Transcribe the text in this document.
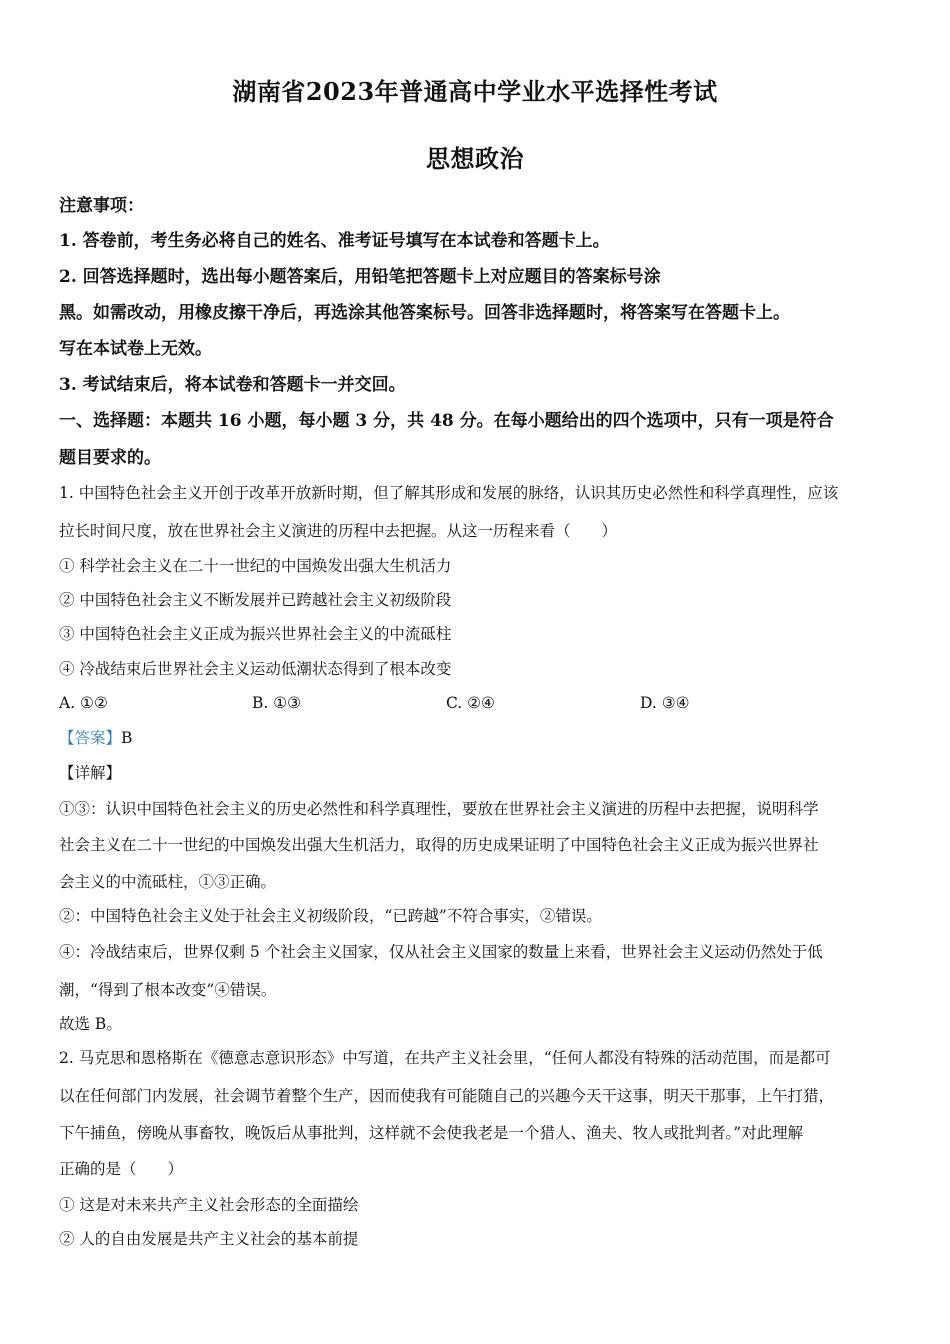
湖南省2023年普通高中学业水平选择性考试
思想政治
注意事项：
1. 答卷前，考生务必将自己的姓名、准考证号填写在本试卷和答题卡上。
2. 回答选择题时，选出每小题答案后，用铅笔把答题卡上对应题目的答案标号涂
黑。如需改动，用橡皮擦干净后，再选涂其他答案标号。回答非选择题时，将答案写在答题卡上。
写在本试卷上无效。
3. 考试结束后，将本试卷和答题卡一并交回。
一、选择题：本题共 16 小题，每小题 3 分，共 48 分。在每小题给出的四个选项中，只有一项是符合
题目要求的。
1. 中国特色社会主义开创于改革开放新时期，但了解其形成和发展的脉络，认识其历史必然性和科学真理性，应该
拉长时间尺度，放在世界社会主义演进的历程中去把握。从这一历程来看（　　）
① 科学社会主义在二十一世纪的中国焕发出强大生机活力
② 中国特色社会主义不断发展并已跨越社会主义初级阶段
③ 中国特色社会主义正成为振兴世界社会主义的中流砥柱
④ 冷战结束后世界社会主义运动低潮状态得到了根本改变
A. ①②	B. ①③	C. ②④	D. ③④
【答案】B
【详解】
①③：认识中国特色社会主义的历史必然性和科学真理性，要放在世界社会主义演进的历程中去把握，说明科学
社会主义在二十一世纪的中国焕发出强大生机活力，取得的历史成果证明了中国特色社会主义正成为振兴世界社
会主义的中流砥柱，①③正确。
②：中国特色社会主义处于社会主义初级阶段，“已跨越”不符合事实，②错误。
④：冷战结束后，世界仅剩 5 个社会主义国家，仅从社会主义国家的数量上来看，世界社会主义运动仍然处于低
潮，“得到了根本改变”④错误。
故选 B。
2. 马克思和恩格斯在《德意志意识形态》中写道，在共产主义社会里，“任何人都没有特殊的活动范围，而是都可
以在任何部门内发展，社会调节着整个生产，因而使我有可能随自己的兴趣今天干这事，明天干那事，上午打猎，
下午捕鱼，傍晚从事畜牧，晚饭后从事批判，这样就不会使我老是一个猎人、渔夫、牧人或批判者。”对此理解
正确的是（　　）
① 这是对未来共产主义社会形态的全面描绘
② 人的自由发展是共产主义社会的基本前提
